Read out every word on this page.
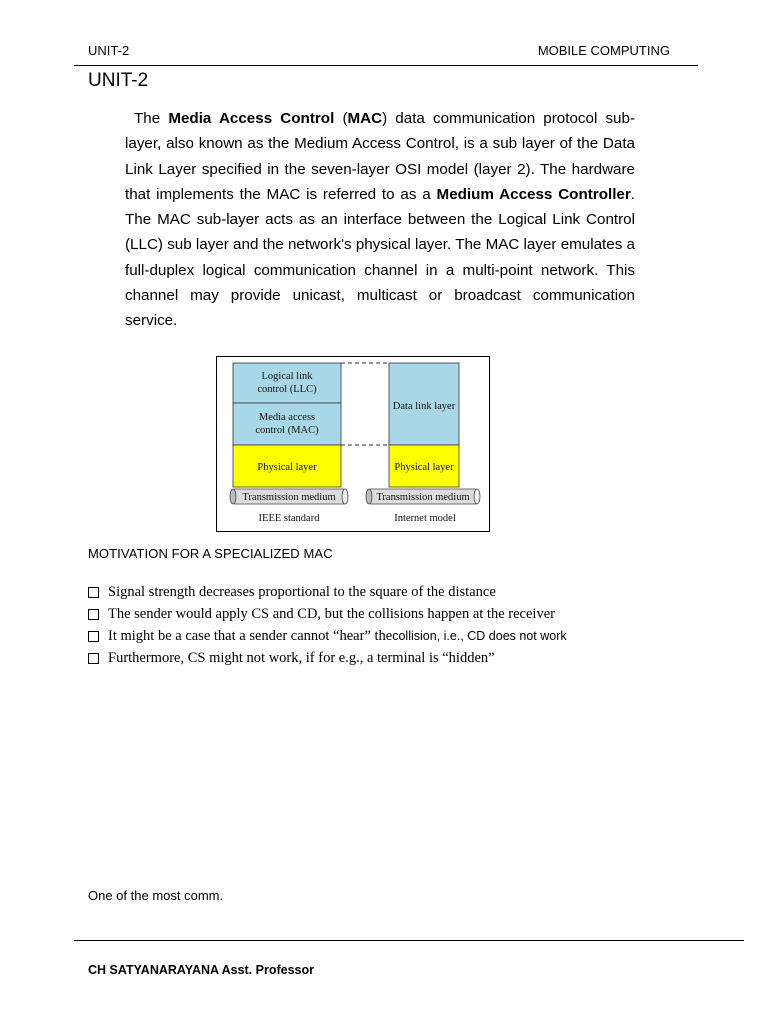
UNIT-2	MOBILE COMPUTING
UNIT-2
The Media Access Control (MAC) data communication protocol sub-layer, also known as the Medium Access Control, is a sub layer of the Data Link Layer specified in the seven-layer OSI model (layer 2). The hardware that implements the MAC is referred to as a Medium Access Controller. The MAC sub-layer acts as an interface between the Logical Link Control (LLC) sub layer and the network's physical layer. The MAC layer emulates a full-duplex logical communication channel in a multi-point network. This channel may provide unicast, multicast or broadcast communication service.
Logical link
control (LLC)
Media access
control (MAC)
Physical layer
Data link layer
Physical layer
Transmission medium	Transmission medium
IEEE standard	Internet model
MOTIVATION FOR A SPECIALIZED MAC
Signal strength decreases proportional to the square of the distance
The sender would apply CS and CD, but the collisions happen at the receiver
It might be a case that a sender cannot “hear” the collision, i.e., CD does not work
Furthermore, CS might not work, if for e.g., a terminal is “hidden”
One of the most comm.
CH SATYANARAYANA Asst. Professor
